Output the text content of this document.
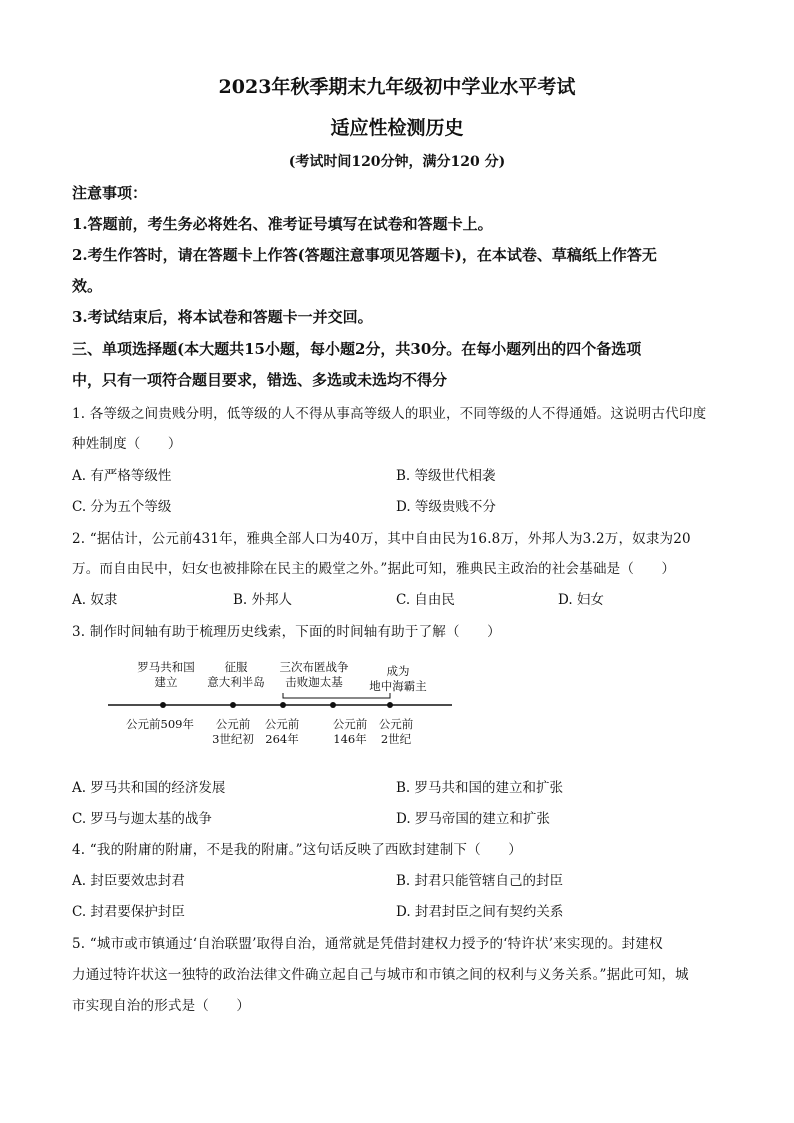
2023年秋季期末九年级初中学业水平考试
适应性检测历史
(考试时间120分钟，满分120 分)
注意事项：
1.答题前，考生务必将姓名、准考证号填写在试卷和答题卡上。
2.考生作答时，请在答题卡上作答(答题注意事项见答题卡)，在本试卷、草稿纸上作答无
效。
3.考试结束后，将本试卷和答题卡一并交回。
三、单项选择题(本大题共15小题，每小题2分，共30分。在每小题列出的四个备选项
中，只有一项符合题目要求，错选、多选或未选均不得分
1. 各等级之间贵贱分明，低等级的人不得从事高等级人的职业，不同等级的人不得通婚。这说明古代印度
种姓制度（　　）
A. 有严格等级性	B. 等级世代相袭
C. 分为五个等级	D. 等级贵贱不分
2. “据估计，公元前431年，雅典全部人口为40万，其中自由民为16.8万，外邦人为3.2万，奴隶为20
万。而自由民中，妇女也被排除在民主的殿堂之外。”据此可知，雅典民主政治的社会基础是（　　）
A. 奴隶	B. 外邦人	C. 自由民	D. 妇女
3. 制作时间轴有助于梳理历史线索，下面的时间轴有助于了解（　　）
罗马共和国
建立
征服
意大利半岛
三次布匿战争
击败迦太基
成为
地中海霸主
公元前509年 公元前
3世纪初
公元前
264年
公元前
146年
公元前
2世纪
A. 罗马共和国的经济发展	B. 罗马共和国的建立和扩张
C. 罗马与迦太基的战争	D. 罗马帝国的建立和扩张
4. “我的附庸的附庸，不是我的附庸。”这句话反映了西欧封建制下（　　）
A. 封臣要效忠封君	B. 封君只能管辖自己的封臣
C. 封君要保护封臣	D. 封君封臣之间有契约关系
5. “城市或市镇通过‘自治联盟’取得自治，通常就是凭借封建权力授予的‘特许状’来实现的。封建权
力通过特许状这一独特的政治法律文件确立起自己与城市和市镇之间的权利与义务关系。”据此可知，城
市实现自治的形式是（　　）
